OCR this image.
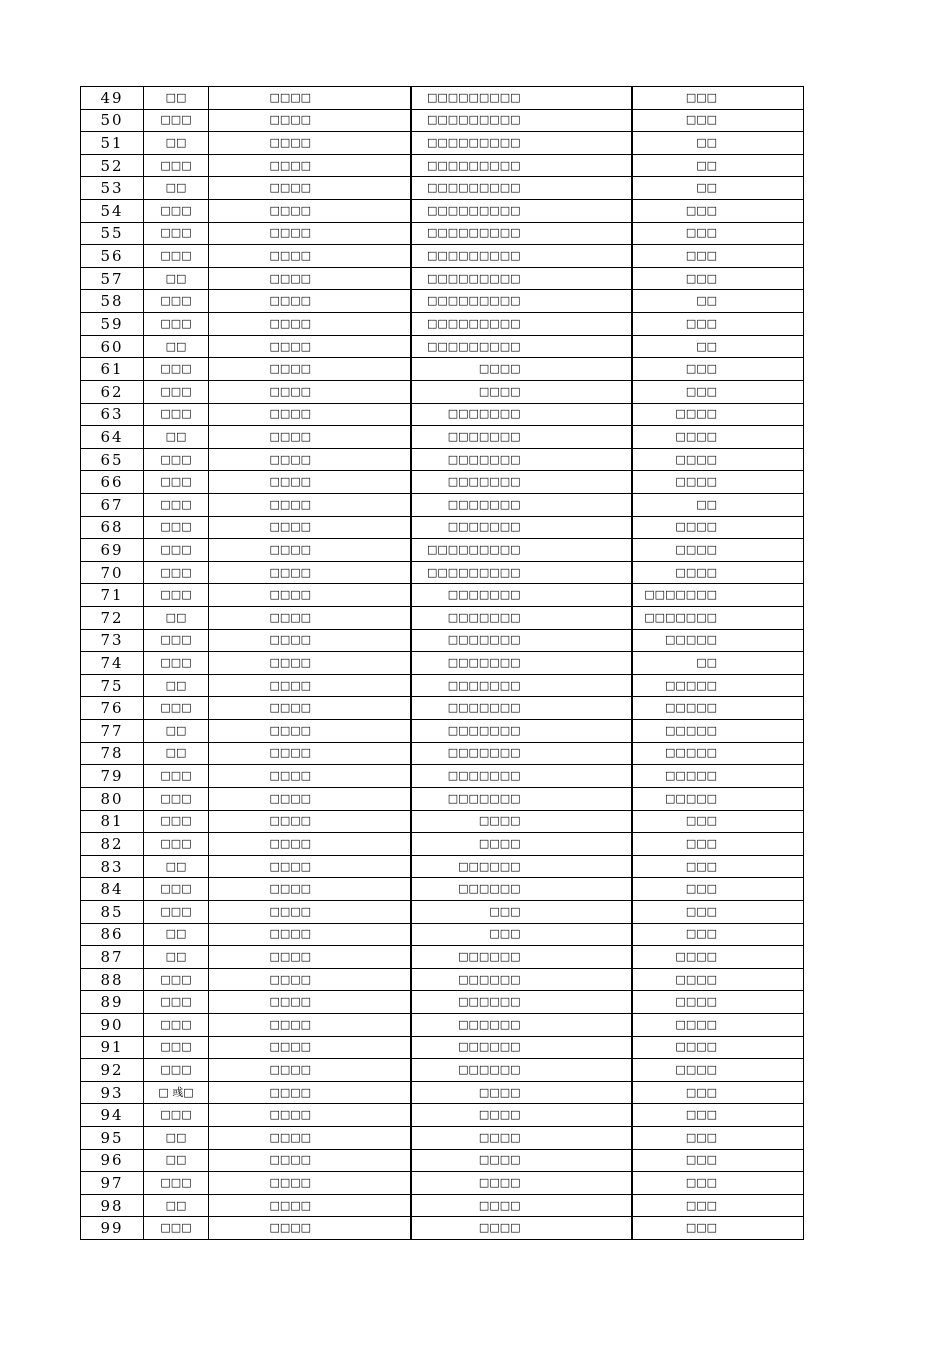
49	□□	□□□□	□□□□□□□□□	□□□
50	□□□	□□□□	□□□□□□□□□	□□□
51	□□	□□□□	□□□□□□□□□	□□
52	□□□	□□□□	□□□□□□□□□	□□
53	□□	□□□□	□□□□□□□□□	□□
54	□□□	□□□□	□□□□□□□□□	□□□
55	□□□	□□□□	□□□□□□□□□	□□□
56	□□□	□□□□	□□□□□□□□□	□□□
57	□□	□□□□	□□□□□□□□□	□□□
58	□□□	□□□□	□□□□□□□□□	□□
59	□□□	□□□□	□□□□□□□□□	□□□
60	□□	□□□□	□□□□□□□□□	□□
61	□□□	□□□□	□□□□	□□□
62	□□□	□□□□	□□□□	□□□
63	□□□	□□□□	□□□□□□□	□□□□
64	□□	□□□□	□□□□□□□	□□□□
65	□□□	□□□□	□□□□□□□	□□□□
66	□□□	□□□□	□□□□□□□	□□□□
67	□□□	□□□□	□□□□□□□	□□
68	□□□	□□□□	□□□□□□□	□□□□
69	□□□	□□□□	□□□□□□□□□	□□□□
70	□□□	□□□□	□□□□□□□□□	□□□□
71	□□□	□□□□	□□□□□□□	□□□□□□□
72	□□	□□□□	□□□□□□□	□□□□□□□
73	□□□	□□□□	□□□□□□□	□□□□□
74	□□□	□□□□	□□□□□□□	□□
75	□□	□□□□	□□□□□□□	□□□□□
76	□□□	□□□□	□□□□□□□	□□□□□
77	□□	□□□□	□□□□□□□	□□□□□
78	□□	□□□□	□□□□□□□	□□□□□
79	□□□	□□□□	□□□□□□□	□□□□□
80	□□□	□□□□	□□□□□□□	□□□□□
81	□□□	□□□□	□□□□	□□□
82	□□□	□□□□	□□□□	□□□
83	□□	□□□□	□□□□□□	□□□
84	□□□	□□□□	□□□□□□	□□□
85	□□□	□□□□	□□□	□□□
86	□□	□□□□	□□□	□□□
87	□□	□□□□	□□□□□□	□□□□
88	□□□	□□□□	□□□□□□	□□□□
89	□□□	□□□□	□□□□□□	□□□□
90	□□□	□□□□	□□□□□□	□□□□
91	□□□	□□□□	□□□□□□	□□□□
92	□□□	□□□□	□□□□□□	□□□□
93	□ 彧□	□□□□	□□□□	□□□
94	□□□	□□□□	□□□□	□□□
95	□□	□□□□	□□□□	□□□
96	□□	□□□□	□□□□	□□□
97	□□□	□□□□	□□□□	□□□
98	□□	□□□□	□□□□	□□□
99	□□□	□□□□	□□□□	□□□
